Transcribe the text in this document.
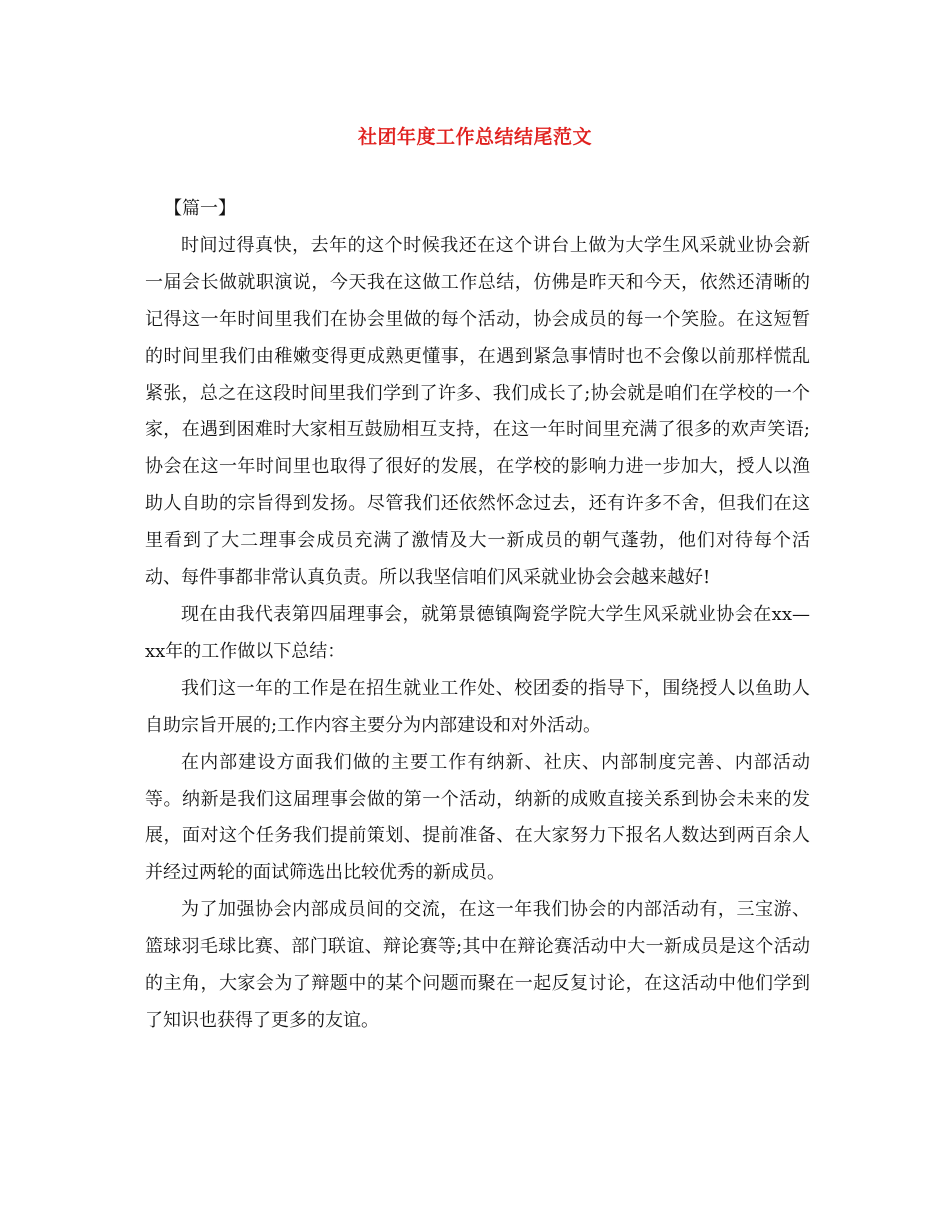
社团年度工作总结结尾范文

【篇一】

时间过得真快，去年的这个时候我还在这个讲台上做为大学生风采就业协会新一届会长做就职演说，今天我在这做工作总结，仿佛是昨天和今天，依然还清晰的记得这一年时间里我们在协会里做的每个活动，协会成员的每一个笑脸。在这短暂的时间里我们由稚嫩变得更成熟更懂事，在遇到紧急事情时也不会像以前那样慌乱紧张，总之在这段时间里我们学到了许多、我们成长了;协会就是咱们在学校的一个家，在遇到困难时大家相互鼓励相互支持，在这一年时间里充满了很多的欢声笑语;协会在这一年时间里也取得了很好的发展，在学校的影响力进一步加大，授人以渔助人自助的宗旨得到发扬。尽管我们还依然怀念过去，还有许多不舍，但我们在这里看到了大二理事会成员充满了激情及大一新成员的朝气蓬勃，他们对待每个活动、每件事都非常认真负责。所以我坚信咱们风采就业协会会越来越好!

现在由我代表第四届理事会，就第景德镇陶瓷学院大学生风采就业协会在xx—xx年的工作做以下总结：

我们这一年的工作是在招生就业工作处、校团委的指导下，围绕授人以鱼助人自助宗旨开展的;工作内容主要分为内部建设和对外活动。

在内部建设方面我们做的主要工作有纳新、社庆、内部制度完善、内部活动等。纳新是我们这届理事会做的第一个活动，纳新的成败直接关系到协会未来的发展，面对这个任务我们提前策划、提前准备、在大家努力下报名人数达到两百余人并经过两轮的面试筛选出比较优秀的新成员。

为了加强协会内部成员间的交流，在这一年我们协会的内部活动有，三宝游、篮球羽毛球比赛、部门联谊、辩论赛等;其中在辩论赛活动中大一新成员是这个活动的主角，大家会为了辩题中的某个问题而聚在一起反复讨论，在这活动中他们学到了知识也获得了更多的友谊。
